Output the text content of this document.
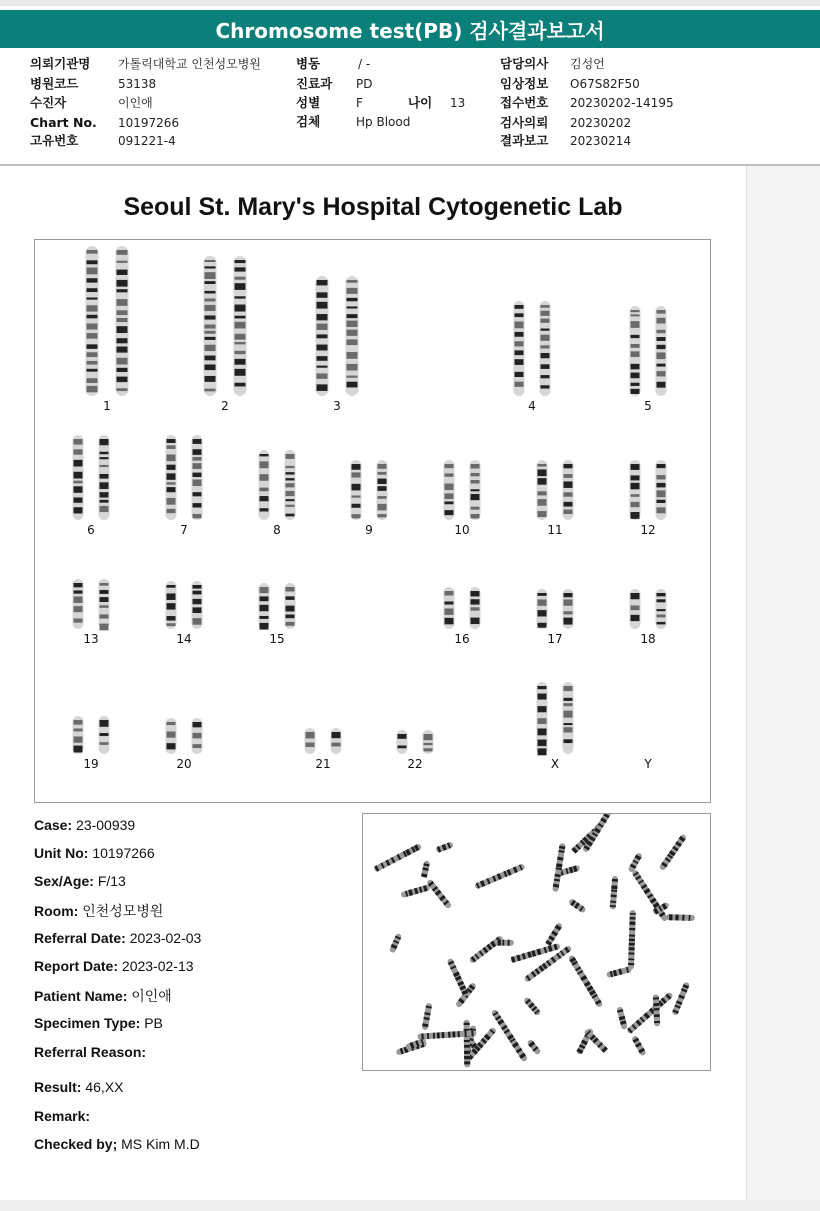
Chromosome test(PB) 검사결과보고서
의뢰기관명 가톨릭대학교 인천성모병원
병원코드	53138
수진자	이인애
Chart No. 10197266
고유번호	091221-4
병동	/ -
진료과 PD
성별	F	나이 13
검체	Hp Blood
담당의사 김성언
임상정보 O67S82F50
접수번호 20230202-14195
검사의뢰 20230202
결과보고 20230214
Seoul St. Mary's Hospital Cytogenetic Lab
1	2	3	4	5
6	7	8	9	10	11	12
13	14	15	16	17	18
19	20	21	22	X	Y
Case: 23-00939
Unit No: 10197266
Sex/Age: F/13
Room: 인천성모병원
Referral Date: 2023-02-03
Report Date: 2023-02-13
Patient Name: 이인애
Specimen Type: PB
Referral Reason:
Result: 46,XX
Remark:
Checked by; MS Kim M.D
